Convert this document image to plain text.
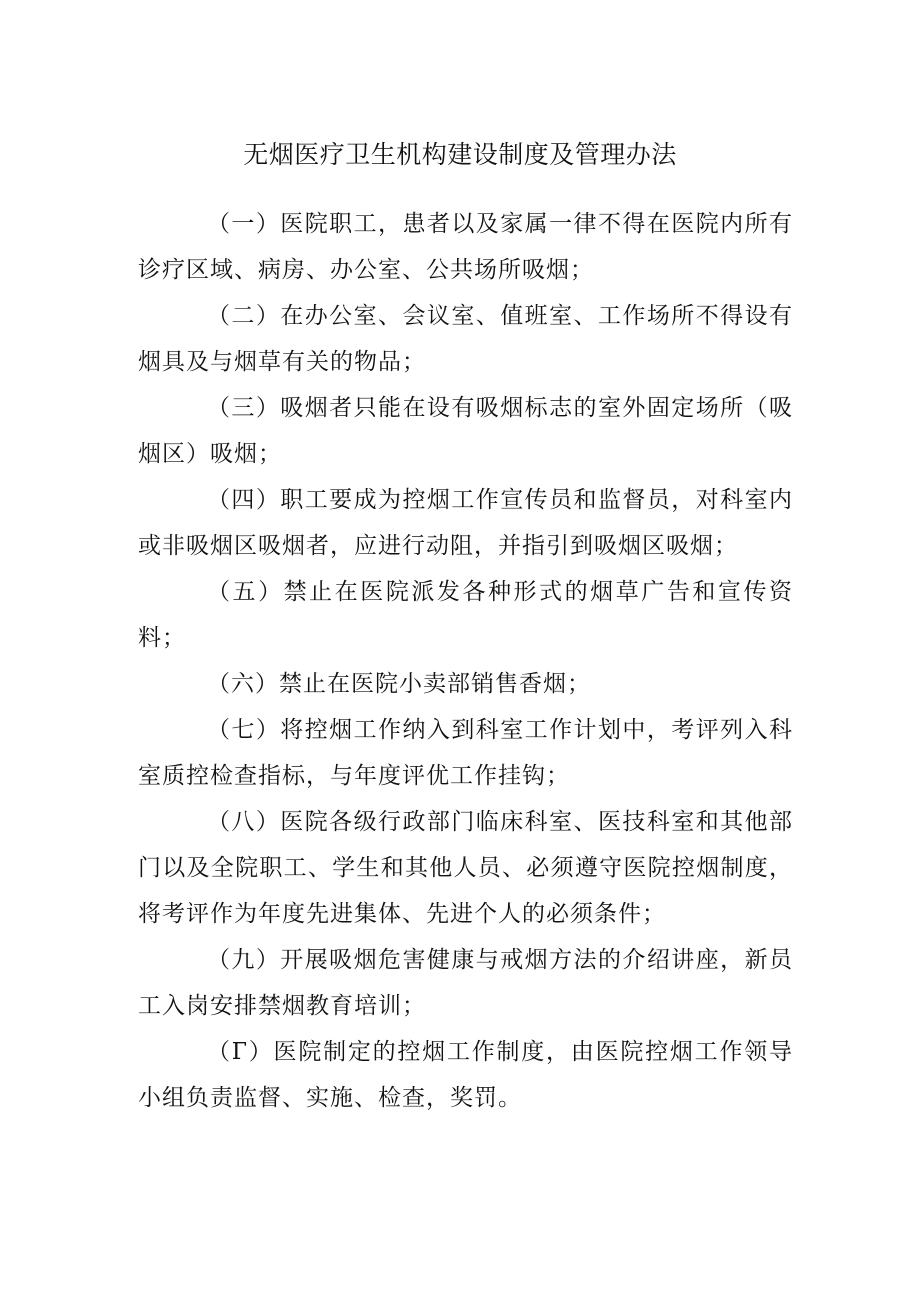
无烟医疗卫生机构建设制度及管理办法

（一）医院职工，患者以及家属一律不得在医院内所有诊疗区域、病房、办公室、公共场所吸烟；

（二）在办公室、会议室、值班室、工作场所不得设有烟具及与烟草有关的物品；

（三）吸烟者只能在设有吸烟标志的室外固定场所（吸烟区）吸烟；

（四）职工要成为控烟工作宣传员和监督员，对科室内或非吸烟区吸烟者，应进行动阻，并指引到吸烟区吸烟；

（五）禁止在医院派发各种形式的烟草广告和宣传资料；

（六）禁止在医院小卖部销售香烟；

（七）将控烟工作纳入到科室工作计划中，考评列入科室质控检查指标，与年度评优工作挂钩；

（八）医院各级行政部门临床科室、医技科室和其他部门以及全院职工、学生和其他人员、必须遵守医院控烟制度，将考评作为年度先进集体、先进个人的必须条件；

（九）开展吸烟危害健康与戒烟方法的介绍讲座，新员工入岗安排禁烟教育培训；

（Г）医院制定的控烟工作制度，由医院控烟工作领导小组负责监督、实施、检查，奖罚。
